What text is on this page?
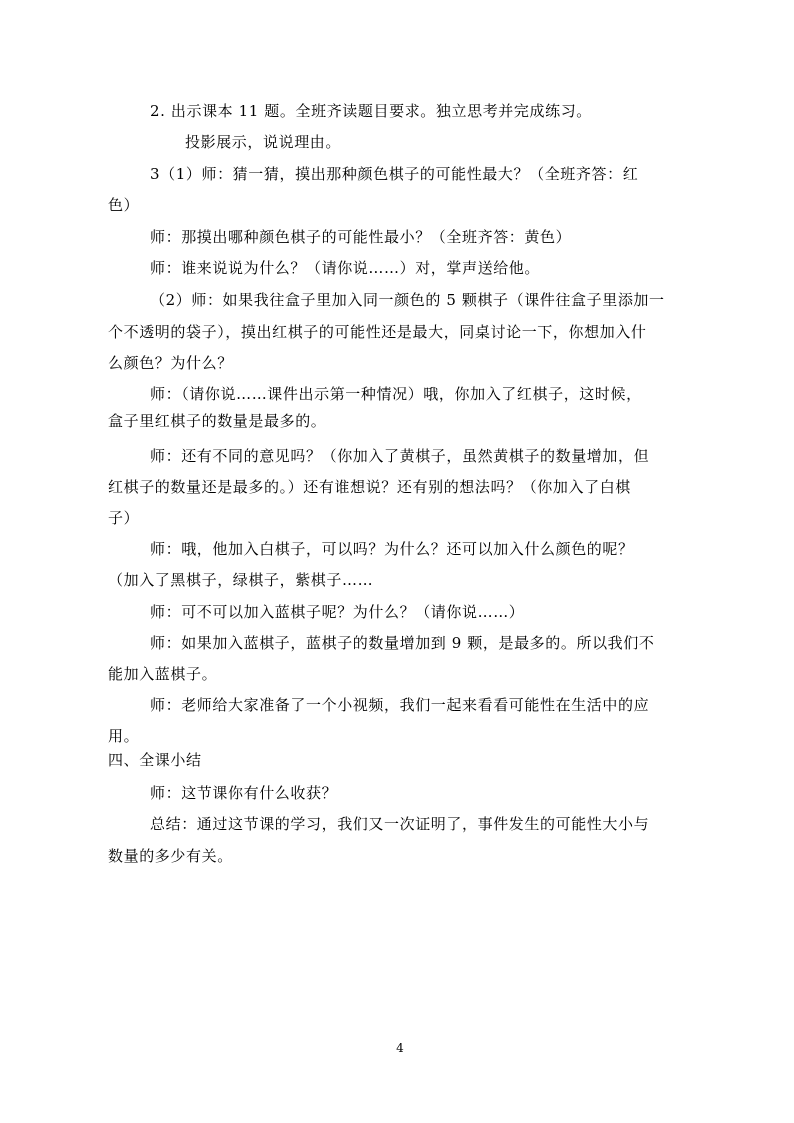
2. 出示课本 11 题。全班齐读题目要求。独立思考并完成练习。
投影展示，说说理由。
3（1）师：猜一猜，摸出那种颜色棋子的可能性最大？（全班齐答：红
色）
师：那摸出哪种颜色棋子的可能性最小？（全班齐答：黄色）
师：谁来说说为什么？（请你说……）对，掌声送给他。
（2）师：如果我往盒子里加入同一颜色的 5 颗棋子（课件往盒子里添加一
个不透明的袋子），摸出红棋子的可能性还是最大，同桌讨论一下，你想加入什
么颜色？为什么？
师：（请你说……课件出示第一种情况）哦，你加入了红棋子，这时候，
盒子里红棋子的数量是最多的。
师：还有不同的意见吗？（你加入了黄棋子，虽然黄棋子的数量增加，但
红棋子的数量还是最多的。）还有谁想说？还有别的想法吗？（你加入了白棋
子）
师：哦，他加入白棋子，可以吗？为什么？还可以加入什么颜色的呢？
（加入了黑棋子，绿棋子，紫棋子……
师：可不可以加入蓝棋子呢？为什么？（请你说……）
师：如果加入蓝棋子，蓝棋子的数量增加到 9 颗，是最多的。所以我们不
能加入蓝棋子。
师：老师给大家准备了一个小视频，我们一起来看看可能性在生活中的应
用。
四、全课小结
师：这节课你有什么收获？
总结：通过这节课的学习，我们又一次证明了，事件发生的可能性大小与
数量的多少有关。
4
